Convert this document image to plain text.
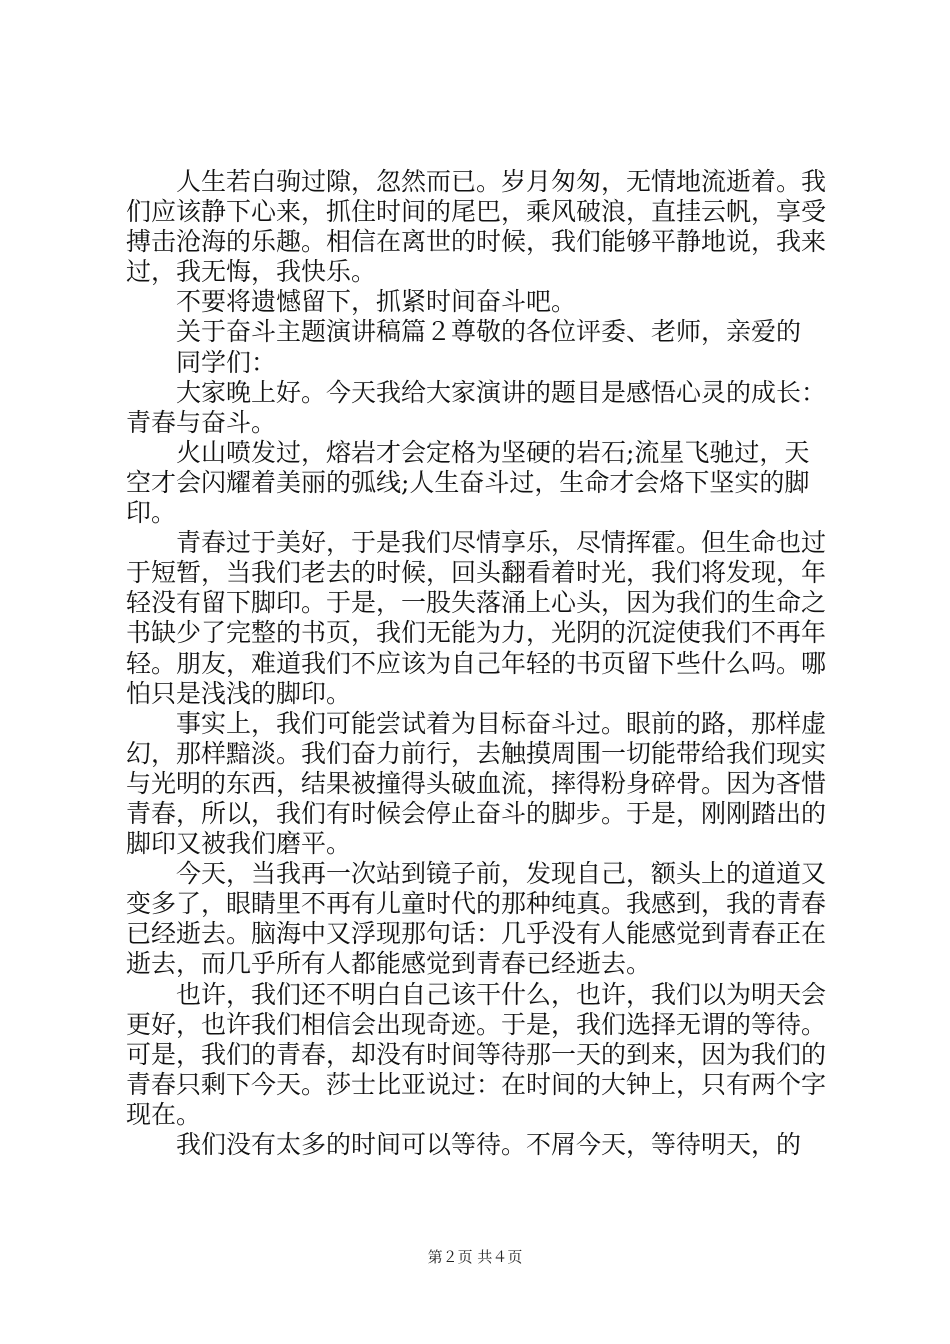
人生若白驹过隙，忽然而已。岁月匆匆，无情地流逝着。我们应该静下心来，抓住时间的尾巴，乘风破浪，直挂云帆，享受搏击沧海的乐趣。相信在离世的时候，我们能够平静地说，我来过，我无悔，我快乐。

不要将遗憾留下，抓紧时间奋斗吧。

关于奋斗主题演讲稿篇２尊敬的各位评委、老师，亲爱的

同学们：

大家晚上好。今天我给大家演讲的题目是感悟心灵的成长：青春与奋斗。

火山喷发过，熔岩才会定格为坚硬的岩石;流星飞驰过，天空才会闪耀着美丽的弧线;人生奋斗过，生命才会烙下坚实的脚印。

青春过于美好，于是我们尽情享乐，尽情挥霍。但生命也过于短暂，当我们老去的时候，回头翻看着时光，我们将发现，年轻没有留下脚印。于是，一股失落涌上心头，因为我们的生命之书缺少了完整的书页，我们无能为力，光阴的沉淀使我们不再年轻。朋友，难道我们不应该为自己年轻的书页留下些什么吗。哪怕只是浅浅的脚印。

事实上，我们可能尝试着为目标奋斗过。眼前的路，那样虚幻，那样黯淡。我们奋力前行，去触摸周围一切能带给我们现实与光明的东西，结果被撞得头破血流，摔得粉身碎骨。因为吝惜青春，所以，我们有时候会停止奋斗的脚步。于是，刚刚踏出的脚印又被我们磨平。

今天，当我再一次站到镜子前，发现自己，额头上的道道又变多了，眼睛里不再有儿童时代的那种纯真。我感到，我的青春已经逝去。脑海中又浮现那句话：几乎没有人能感觉到青春正在逝去，而几乎所有人都能感觉到青春已经逝去。

也许，我们还不明白自己该干什么，也许，我们以为明天会更好，也许我们相信会出现奇迹。于是，我们选择无谓的等待。可是，我们的青春，却没有时间等待那一天的到来，因为我们的青春只剩下今天。莎士比亚说过：在时间的大钟上，只有两个字现在。

我们没有太多的时间可以等待。不屑今天，等待明天，的

第２页 共４页
